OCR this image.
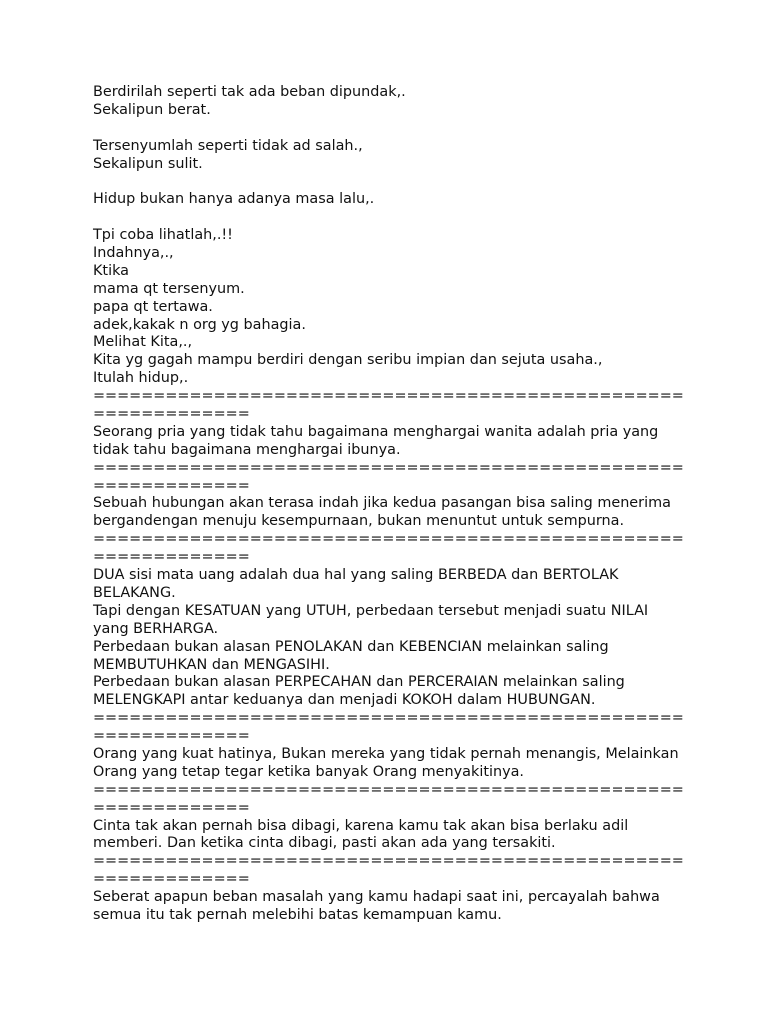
Berdirilah seperti tak ada beban dipundak,.
Sekalipun berat.
Tersenyumlah seperti tidak ad salah.,
Sekalipun sulit.
Hidup bukan hanya adanya masa lalu,.
Tpi coba lihatlah,.!!
Indahnya,.,
Ktika
mama qt tersenyum.
papa qt tertawa.
adek,kakak n org yg bahagia.
Melihat Kita,.,
Kita yg gagah mampu berdiri dengan seribu impian dan sejuta usaha.,
Itulah hidup,.
=================================================
=============
Seorang pria yang tidak tahu bagaimana menghargai wanita adalah pria yang
tidak tahu bagaimana menghargai ibunya.
=================================================
=============
Sebuah hubungan akan terasa indah jika kedua pasangan bisa saling menerima
bergandengan menuju kesempurnaan, bukan menuntut untuk sempurna.
=================================================
=============
DUA sisi mata uang adalah dua hal yang saling BERBEDA dan BERTOLAK
BELAKANG.
Tapi dengan KESATUAN yang UTUH, perbedaan tersebut menjadi suatu NILAI
yang BERHARGA.
Perbedaan bukan alasan PENOLAKAN dan KEBENCIAN melainkan saling
MEMBUTUHKAN dan MENGASIHI.
Perbedaan bukan alasan PERPECAHAN dan PERCERAIAN melainkan saling
MELENGKAPI antar keduanya dan menjadi KOKOH dalam HUBUNGAN.
=================================================
=============
Orang yang kuat hatinya, Bukan mereka yang tidak pernah menangis, Melainkan
Orang yang tetap tegar ketika banyak Orang menyakitinya.
=================================================
=============
Cinta tak akan pernah bisa dibagi, karena kamu tak akan bisa berlaku adil
memberi. Dan ketika cinta dibagi, pasti akan ada yang tersakiti.
=================================================
=============
Seberat apapun beban masalah yang kamu hadapi saat ini, percayalah bahwa
semua itu tak pernah melebihi batas kemampuan kamu.
